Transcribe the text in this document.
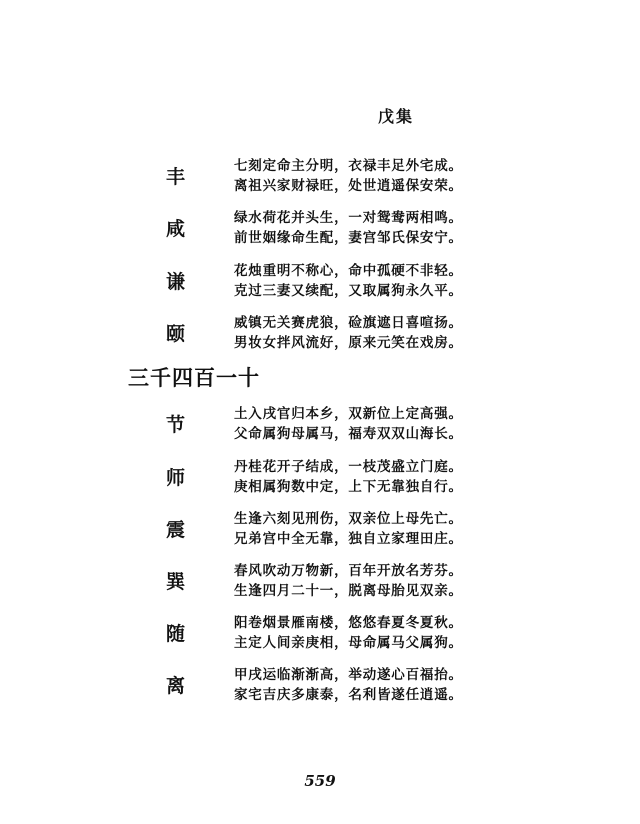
戊集
丰	七刻定命主分明，衣禄丰足外宅成。
离祖兴家财禄旺，处世逍遥保安荣。
咸	绿水荷花并头生，一对鸳鸯两相鸣。
前世姻缘命生配，妻宫邹氏保安宁。
谦	花烛重明不称心，命中孤硬不非轻。
克过三妻又续配，又取属狗永久平。
颐	威镇无关赛虎狼，硷旗遮日喜喧扬。
男妆女拌风流好，原来元笑在戏房。
三千四百一十
节	土入戌官归本乡，双新位上定高强。
父命属狗母属马，福寿双双山海长。
师	丹桂花开子结成，一枝茂盛立门庭。
庚相属狗数中定，上下无靠独自行。
震	生逢六刻见刑伤，双亲位上母先亡。
兄弟宫中全无靠，独自立家理田庄。
巽	春风吹动万物新，百年开放名芳芬。
生逢四月二十一，脱离母胎见双亲。
随	阳卷烟景雁南楼，悠悠春夏冬夏秋。
主定人间亲庚相，母命属马父属狗。
离	甲戌运临渐渐高，举动遂心百福抬。
家宅吉庆多康泰，名利皆遂任逍遥。
559
